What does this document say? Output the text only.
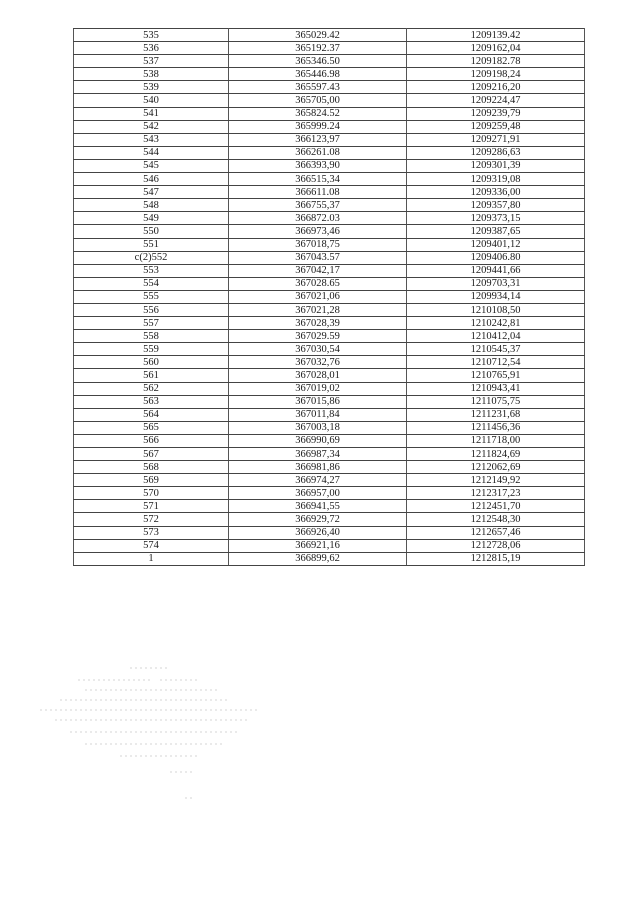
535	365029.42	1209139.42
536	365192.37	1209162,04
537	365346.50	1209182.78
538	365446.98	1209198,24
539	365597.43	1209216,20
540	365705,00	1209224,47
541	365824.52	1209239,79
542	365999.24	1209259,48
543	366123,97	1209271,91
544	366261.08	1209286,63
545	366393,90	1209301,39
546	366515,34	1209319,08
547	366611.08	1209336,00
548	366755,37	1209357,80
549	366872.03	1209373,15
550	366973,46	1209387,65
551	367018,75	1209401,12
с(2)552	367043.57	1209406.80
553	367042,17	1209441,66
554	367028.65	1209703,31
555	367021,06	1209934,14
556	367021,28	1210108,50
557	367028,39	1210242,81
558	367029.59	1210412,04
559	367030,54	1210545,37
560	367032,76	1210712,54
561	367028,01	1210765,91
562	367019,02	1210943,41
563	367015,86	1211075,75
564	367011,84	1211231,68
565	367003,18	1211456,36
566	366990,69	1211718,00
567	366987,34	1211824,69
568	366981,86	1212062,69
569	366974,27	1212149,92
570	366957,00	1212317,23
571	366941,55	1212451,70
572	366929,72	1212548,30
573	366926,40	1212657,46
574	366921,16	1212728,06
1	366899,62	1212815,19
